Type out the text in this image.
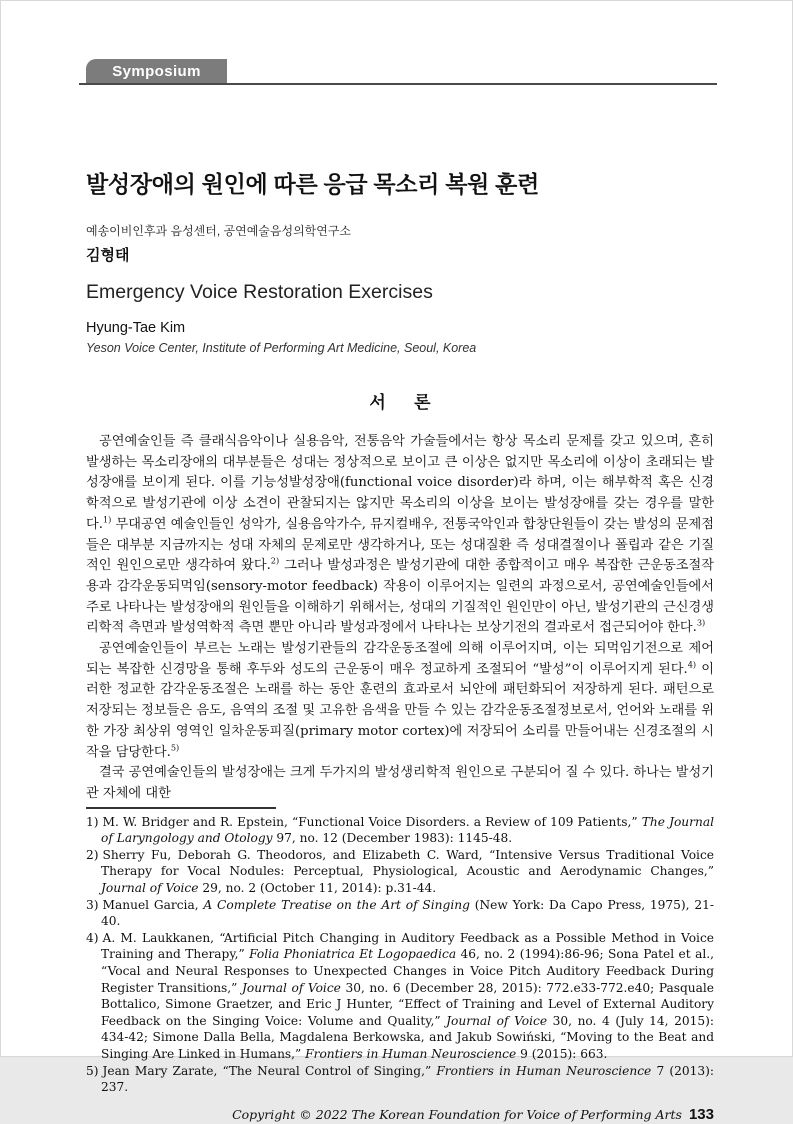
Symposium
발성장애의 원인에 따른 응급 목소리 복원 훈련

예송이비인후과 음성센터, 공연예술음성의학연구소

김형태

Emergency Voice Restoration Exercises

Hyung-Tae Kim

Yeson Voice Center, Institute of Performing Art Medicine, Seoul, Korea

서      론

공연예술인들 즉 클래식음악이나 실용음악, 전통음악 가술들에서는 항상 목소리 문제를 갖고 있으며, 흔히 발생하는 목소리장애의 대부분들은 성대는 정상적으로 보이고 큰 이상은 없지만 목소리에 이상이 초래되는 발성장애를 보이게 된다. 이를 기능성발성장애(functional voice disorder)라 하며, 이는 해부학적 혹은 신경학적으로 발성기관에 이상 소견이 관찰되지는 않지만 목소리의 이상을 보이는 발성장애를 갖는 경우를 말한다.$^{1)}$ 무대공연 예술인들인 성악가, 실용음악가수, 뮤지컬배우, 전통국악인과 합창단원들이 갖는 발성의 문제점들은 대부분 지금까지는 성대 자체의 문제로만 생각하거나, 또는 성대질환 즉 성대결절이나 폴립과 같은 기질적인 원인으로만 생각하여 왔다.$^{2)}$ 그러나 발성과정은 발성기관에 대한 종합적이고 매우 복잡한 근운동조절작용과 감각운동되먹임(sensory-motor feedback) 작용이 이루어지는 일련의 과정으로서, 공연예술인들에서 주로 나타나는 발성장애의 원인들을 이해하기 위해서는, 성대의 기질적인 원인만이 아닌, 발성기관의 근신경생리학적 측면과 발성역학적 측면 뿐만 아니라 발성과정에서 나타나는 보상기전의 결과로서 접근되어야 한다.$^{3)}$

공연예술인들이 부르는 노래는 발성기관들의 감각운동조절에 의해 이루어지며, 이는 되먹임기전으로 제어되는 복잡한 신경망을 통해 후두와 성도의 근운동이 매우 정교하게 조절되어 “발성”이 이루어지게 된다.$^{4)}$ 이러한 정교한 감각운동조절은 노래를 하는 동안 훈련의 효과로서 뇌안에 패턴화되어 저장하게 된다. 패턴으로 저장되는 정보들은 음도, 음역의 조절 및 고유한 음색을 만들 수 있는 감각운동조절정보로서, 언어와 노래를 위한 가장 최상위 영역인 일차운동피질(primary motor cortex)에 저장되어 소리를 만들어내는 신경조절의 시작을 담당한다.$^{5)}$

결국 공연예술인들의 발성장애는 크게 두가지의 발성생리학적 원인으로 구분되어 질 수 있다. 하나는 발성기관 자체에 대한

1) M. W. Bridger and R. Epstein, “Functional Voice Disorders. a Review of 109 Patients,” The Journal of Laryngology and Otology 97, no. 12 (December 1983): 1145-48.
2) Sherry Fu, Deborah G. Theodoros, and Elizabeth C. Ward, “Intensive Versus Traditional Voice Therapy for Vocal Nodules: Perceptual, Physiological, Acoustic and Aerodynamic Changes,” Journal of Voice 29, no. 2 (October 11, 2014): p.31-44.
3) Manuel Garcia, A Complete Treatise on the Art of Singing (New York: Da Capo Press, 1975), 21-40.
4) A. M. Laukkanen, “Artificial Pitch Changing in Auditory Feedback as a Possible Method in Voice Training and Therapy,” Folia Phoniatrica Et Logopaedica 46, no. 2 (1994):86-96; Sona Patel et al., “Vocal and Neural Responses to Unexpected Changes in Voice Pitch Auditory Feedback During Register Transitions,” Journal of Voice 30, no. 6 (December 28, 2015): 772.e33-772.e40; Pasquale Bottalico, Simone Graetzer, and Eric J Hunter, “Effect of Training and Level of External Auditory Feedback on the Singing Voice: Volume and Quality,” Journal of Voice 30, no. 4 (July 14, 2015): 434-42; Simone Dalla Bella, Magdalena Berkowska, and Jakub Sowiński, “Moving to the Beat and Singing Are Linked in Humans,” Frontiers in Human Neuroscience 9 (2015): 663.
5) Jean Mary Zarate, “The Neural Control of Singing,” Frontiers in Human Neuroscience 7 (2013): 237.
Copyright © 2022 The Korean Foundation for Voice of Performing Arts 133
